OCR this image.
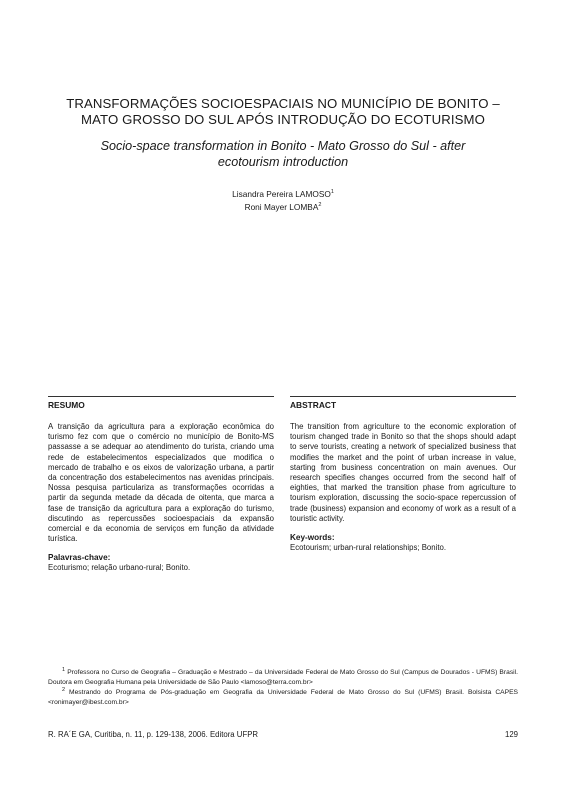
TRANSFORMAÇÕES SOCIOESPACIAIS NO MUNICÍPIO DE BONITO –
MATO GROSSO DO SUL APÓS INTRODUÇÃO DO ECOTURISMO
Socio-space transformation in Bonito - Mato Grosso do Sul - after
ecotourism introduction
Lisandra Pereira LAMOSO$^1$
Roni Mayer LOMBA$^2$
RESUMO
A transição da agricultura para a exploração econômica do turismo fez com que o comércio no município de Bonito-MS passasse a se adequar ao atendimento do turista, criando uma rede de estabelecimentos especializados que modifica o mercado de trabalho e os eixos de valorização urbana, a partir da concentração dos estabelecimentos nas avenidas principais. Nossa pesquisa particulariza as transformações ocorridas a partir da segunda metade da década de oitenta, que marca a fase de transição da agricultura para a exploração do turismo, discutindo as repercussões socioespaciais da expansão comercial e da economia de serviços em função da atividade turística.
Palavras-chave:
Ecoturismo; relação urbano-rural; Bonito.
ABSTRACT
The transition from agriculture to the economic exploration of tourism changed trade in Bonito so that the shops should adapt to serve tourists, creating a network of specialized business that modifies the market and the point of urban increase in value, starting from business concentration on main avenues. Our research specifies changes occurred from the second half of eighties, that marked the transition phase from agriculture to tourism exploration, discussing the socio-space repercussion of trade (business) expansion and economy of work as a result of a touristic activity.
Key-words:
Ecotourism; urban-rural relationships; Bonito.
$^1$ Professora no Curso de Geografia – Graduação e Mestrado – da Universidade Federal de Mato Grosso do Sul (Campus de Dourados - UFMS) Brasil. Doutora em Geografia Humana pela Universidade de São Paulo <lamoso@terra.com.br>
$^2$ Mestrando do Programa de Pós-graduação em Geografia da Universidade Federal de Mato Grosso do Sul (UFMS) Brasil. Bolsista CAPES <ronimayer@ibest.com.br>
R. RA´E GA, Curitiba, n. 11, p. 129-138, 2006. Editora UFPR	129
